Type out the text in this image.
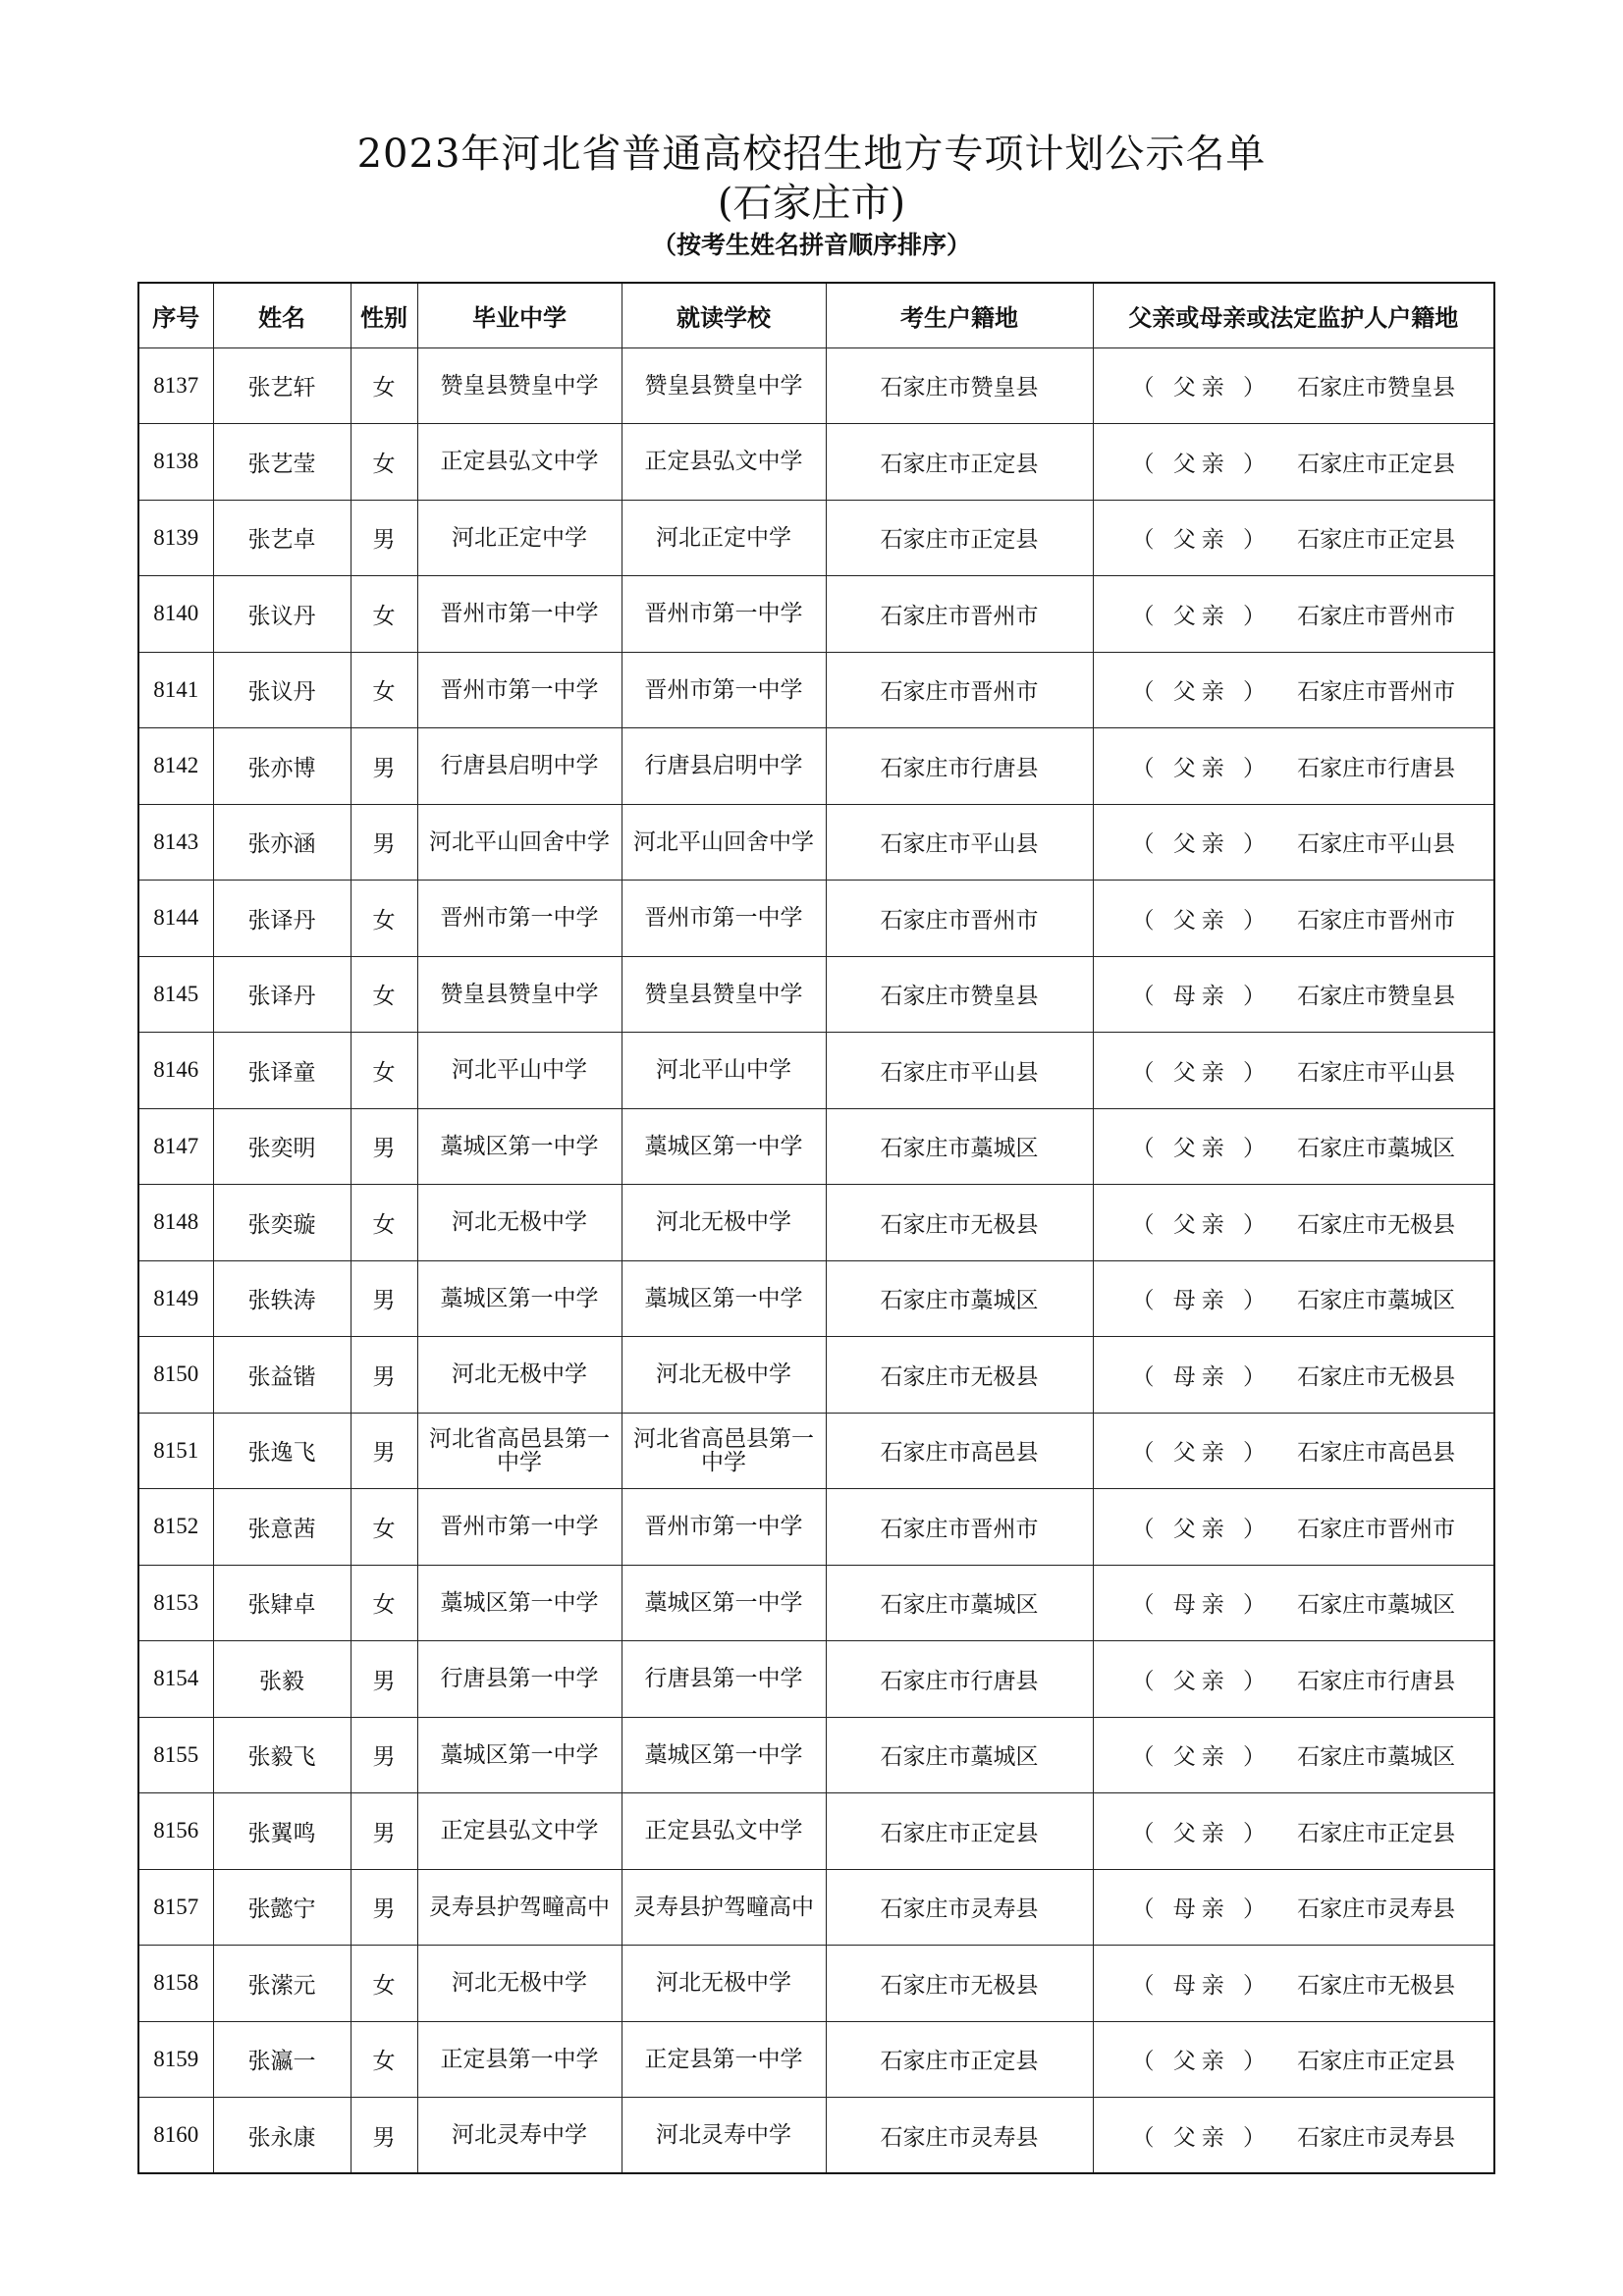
2023年河北省普通高校招生地方专项计划公示名单
(石家庄市)
（按考生姓名拼音顺序排序）
序号	姓名	性别	毕业中学	就读学校	考生户籍地	父亲或母亲或法定监护人户籍地
8137	张艺轩	女	赞皇县赞皇中学	赞皇县赞皇中学	石家庄市赞皇县	（ 父亲 ） 石家庄市赞皇县
8138	张艺莹	女	正定县弘文中学	正定县弘文中学	石家庄市正定县	（ 父亲 ） 石家庄市正定县
8139	张艺卓	男	河北正定中学	河北正定中学	石家庄市正定县	（ 父亲 ） 石家庄市正定县
8140	张议丹	女	晋州市第一中学	晋州市第一中学	石家庄市晋州市	（ 父亲 ） 石家庄市晋州市
8141	张议丹	女	晋州市第一中学	晋州市第一中学	石家庄市晋州市	（ 父亲 ） 石家庄市晋州市
8142	张亦博	男	行唐县启明中学	行唐县启明中学	石家庄市行唐县	（ 父亲 ） 石家庄市行唐县
8143	张亦涵	男	河北平山回舍中学	河北平山回舍中学	石家庄市平山县	（ 父亲 ） 石家庄市平山县
8144	张译丹	女	晋州市第一中学	晋州市第一中学	石家庄市晋州市	（ 父亲 ） 石家庄市晋州市
8145	张译丹	女	赞皇县赞皇中学	赞皇县赞皇中学	石家庄市赞皇县	（ 母亲 ） 石家庄市赞皇县
8146	张译童	女	河北平山中学	河北平山中学	石家庄市平山县	（ 父亲 ） 石家庄市平山县
8147	张奕明	男	藁城区第一中学	藁城区第一中学	石家庄市藁城区	（ 父亲 ） 石家庄市藁城区
8148	张奕璇	女	河北无极中学	河北无极中学	石家庄市无极县	（ 父亲 ） 石家庄市无极县
8149	张轶涛	男	藁城区第一中学	藁城区第一中学	石家庄市藁城区	（ 母亲 ） 石家庄市藁城区
8150	张益锴	男	河北无极中学	河北无极中学	石家庄市无极县	（ 母亲 ） 石家庄市无极县
8151	张逸飞	男	河北省高邑县第一中学	河北省高邑县第一中学	石家庄市高邑县	（ 父亲 ） 石家庄市高邑县
8152	张意茜	女	晋州市第一中学	晋州市第一中学	石家庄市晋州市	（ 父亲 ） 石家庄市晋州市
8153	张肄卓	女	藁城区第一中学	藁城区第一中学	石家庄市藁城区	（ 母亲 ） 石家庄市藁城区
8154	张毅	男	行唐县第一中学	行唐县第一中学	石家庄市行唐县	（ 父亲 ） 石家庄市行唐县
8155	张毅飞	男	藁城区第一中学	藁城区第一中学	石家庄市藁城区	（ 父亲 ） 石家庄市藁城区
8156	张翼鸣	男	正定县弘文中学	正定县弘文中学	石家庄市正定县	（ 父亲 ） 石家庄市正定县
8157	张懿宁	男	灵寿县护驾疃高中	灵寿县护驾疃高中	石家庄市灵寿县	（ 母亲 ） 石家庄市灵寿县
8158	张潆元	女	河北无极中学	河北无极中学	石家庄市无极县	（ 母亲 ） 石家庄市无极县
8159	张瀛一	女	正定县第一中学	正定县第一中学	石家庄市正定县	（ 父亲 ） 石家庄市正定县
8160	张永康	男	河北灵寿中学	河北灵寿中学	石家庄市灵寿县	（ 父亲 ） 石家庄市灵寿县
